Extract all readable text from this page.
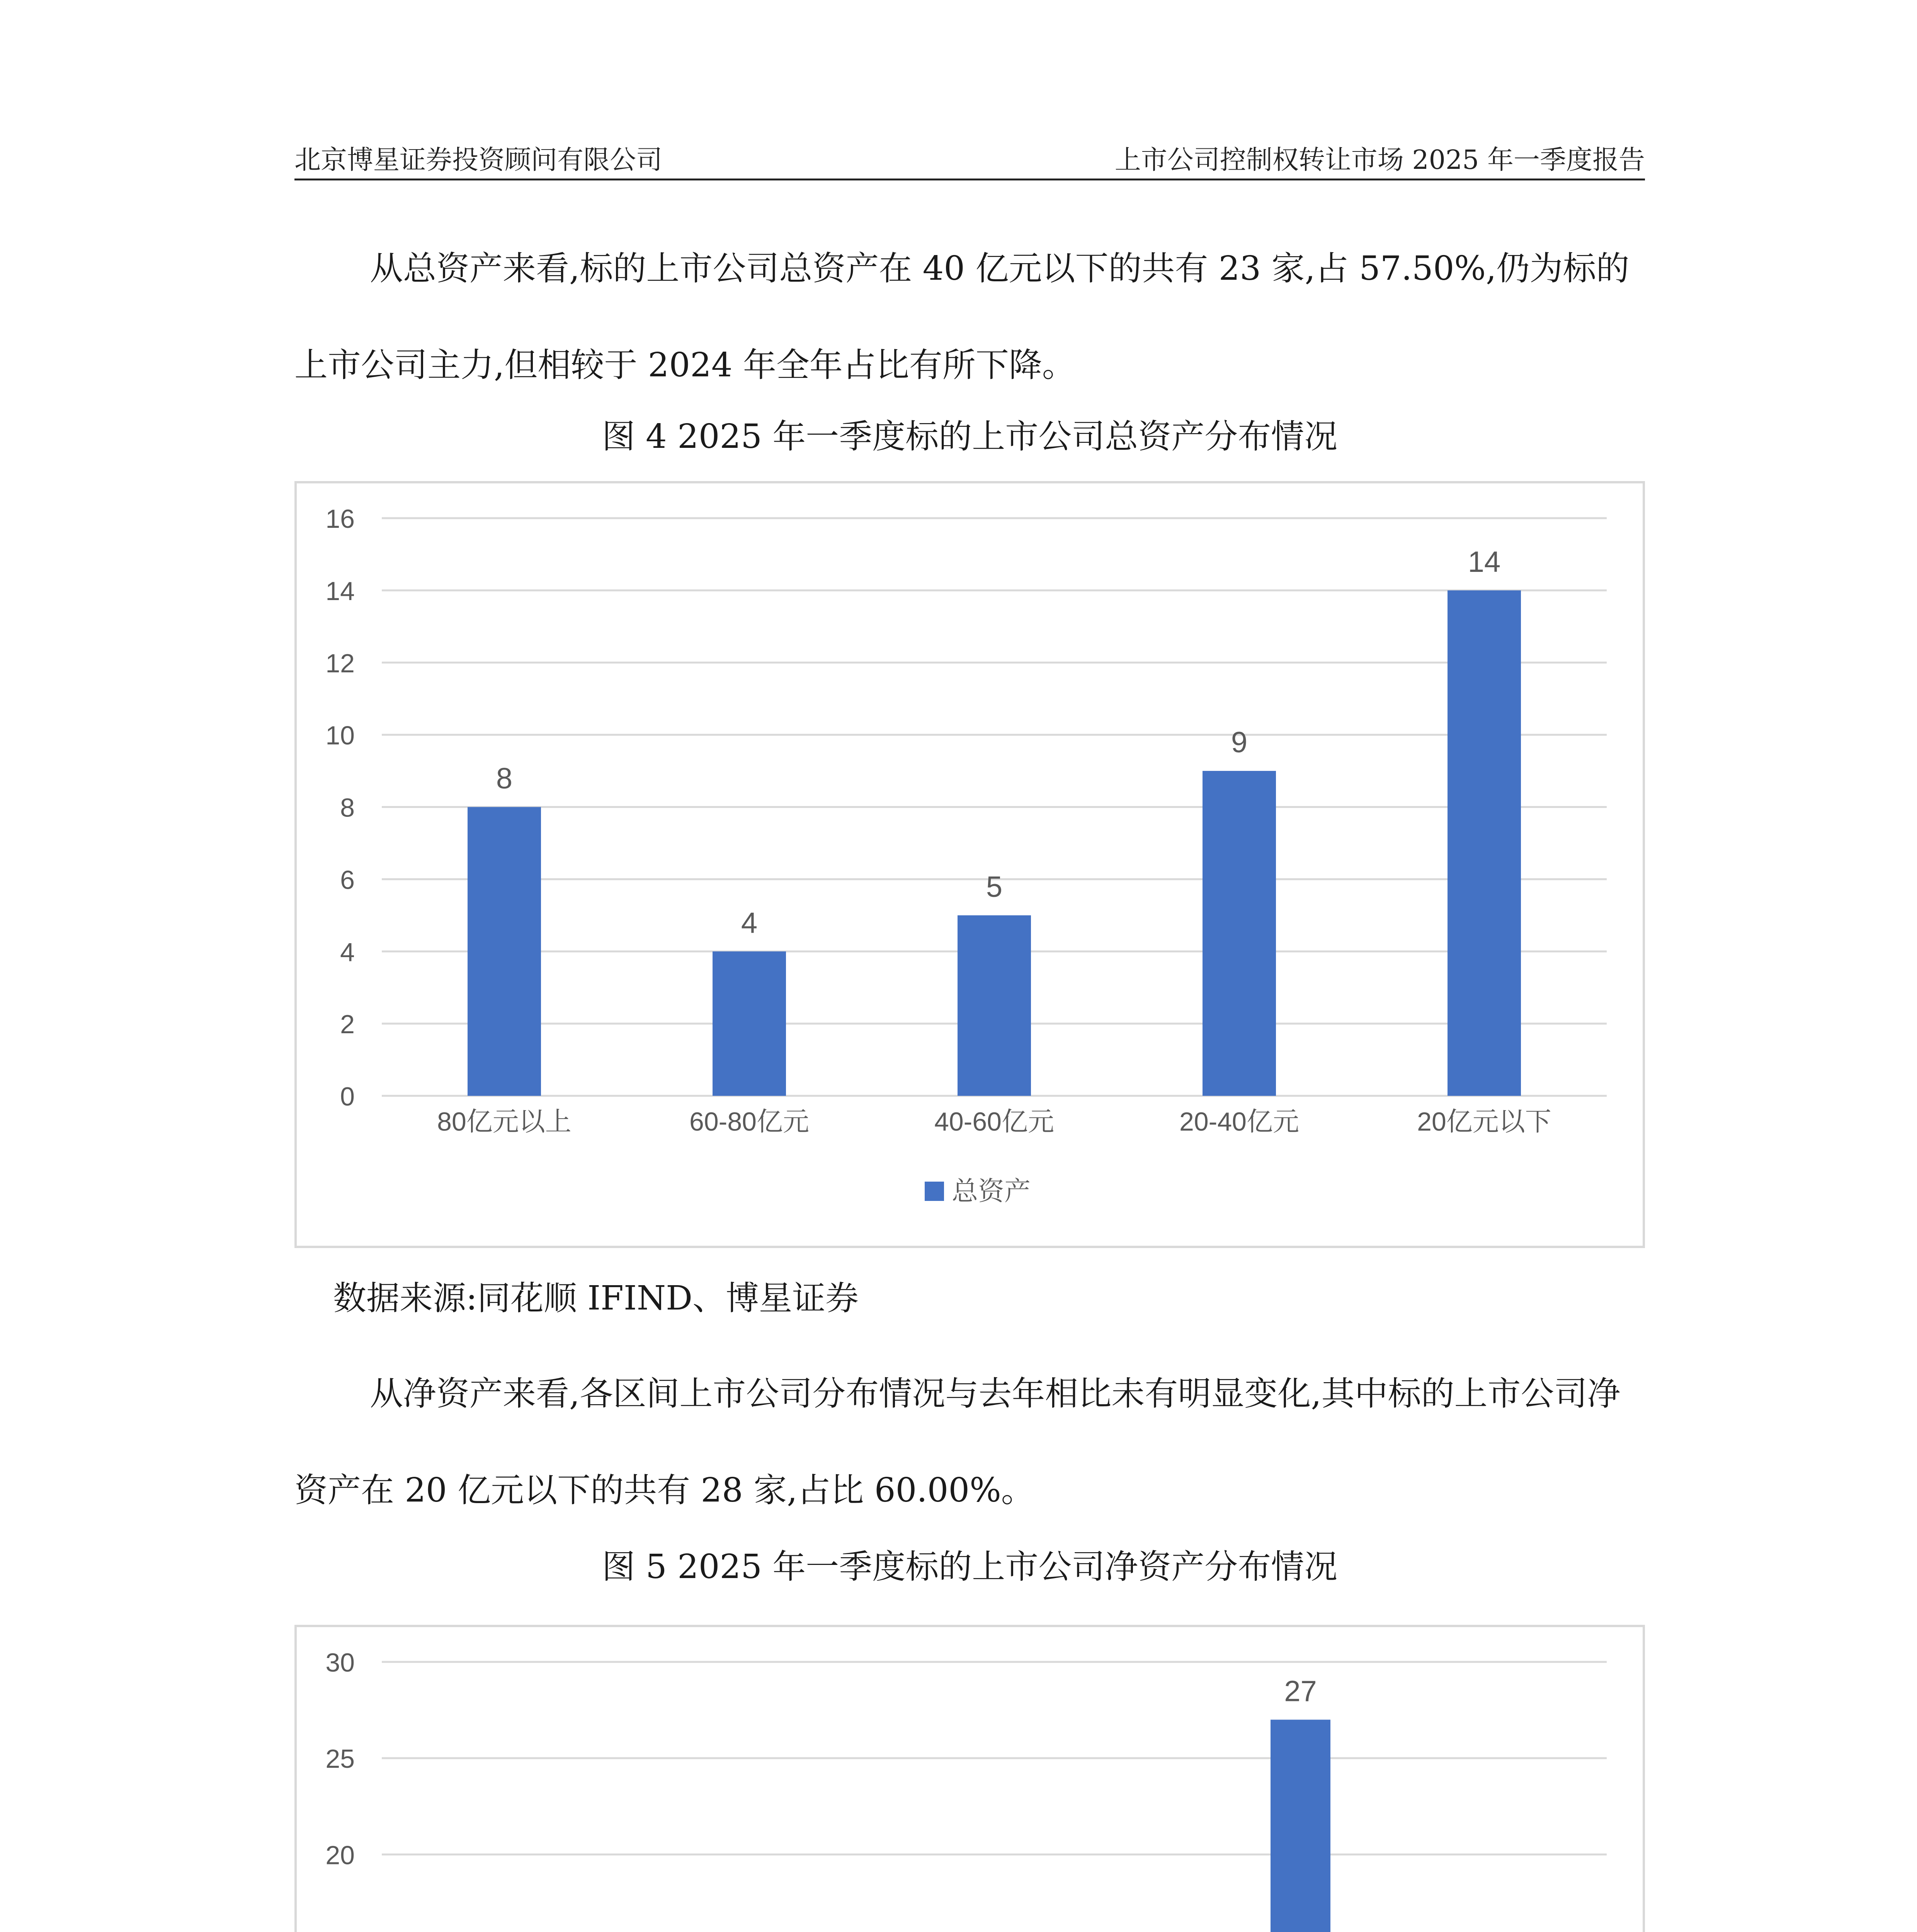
北京博星证券投资顾问有限公司	上市公司控制权转让市场 2025 年一季度报告

从总资产来看,标的上市公司总资产在 40 亿元以下的共有 23 家,占 57.50%,仍为标的上市公司主力,但相较于 2024 年全年占比有所下降。

图 4 2025 年一季度标的上市公司总资产分布情况
0
2
4
6
8
10
12
14
16
8
80亿元以上
4
60-80亿元
5
40-60亿元
9
20-40亿元
14
20亿元以下
总资产
数据来源:同花顺 IFIND、博星证券

从净资产来看,各区间上市公司分布情况与去年相比未有明显变化,其中标的上市公司净资产在 20 亿元以下的共有 28 家,占比 60.00%。

图 5 2025 年一季度标的上市公司净资产分布情况
20
25
30
27
